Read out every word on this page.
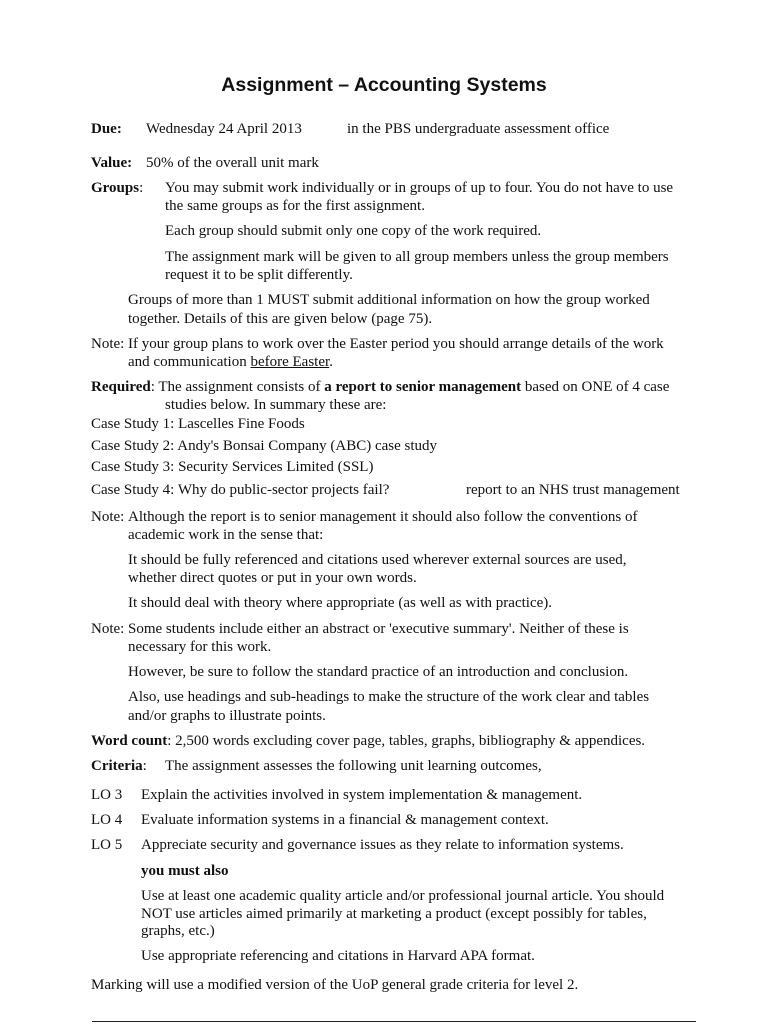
Assignment – Accounting Systems
Due: Wednesday 24 April 2013	in the PBS undergraduate assessment office
Value: 50% of the overall unit mark
Groups: You may submit work individually or in groups of up to four. You do not have to use
the same groups as for the first assignment.
Each group should submit only one copy of the work required.
The assignment mark will be given to all group members unless the group members
request it to be split differently.
Groups of more than 1 MUST submit additional information on how the group worked
together. Details of this are given below (page 75).
Note: If your group plans to work over the Easter period you should arrange details of the work
and communication before Easter.
Required: The assignment consists of a report to senior management based on ONE of 4 case
studies below. In summary these are:
Case Study 1: Lascelles Fine Foods
Case Study 2: Andy's Bonsai Company (ABC) case study
Case Study 3: Security Services Limited (SSL)
Case Study 4: Why do public-sector projects fail?	report to an NHS trust management
Note: Although the report is to senior management it should also follow the conventions of
academic work in the sense that:
It should be fully referenced and citations used wherever external sources are used,
whether direct quotes or put in your own words.
It should deal with theory where appropriate (as well as with practice).
Note: Some students include either an abstract or 'executive summary'. Neither of these is
necessary for this work.
However, be sure to follow the standard practice of an introduction and conclusion.
Also, use headings and sub-headings to make the structure of the work clear and tables
and/or graphs to illustrate points.
Word count: 2,500 words excluding cover page, tables, graphs, bibliography & appendices.
Criteria: The assignment assesses the following unit learning outcomes,
LO 3 Explain the activities involved in system implementation & management.
LO 4 Evaluate information systems in a financial & management context.
LO 5 Appreciate security and governance issues as they relate to information systems.
you must also
Use at least one academic quality article and/or professional journal article. You should
NOT use articles aimed primarily at marketing a product (except possibly for tables,
graphs, etc.)
Use appropriate referencing and citations in Harvard APA format.
Marking will use a modified version of the UoP general grade criteria for level 2.
